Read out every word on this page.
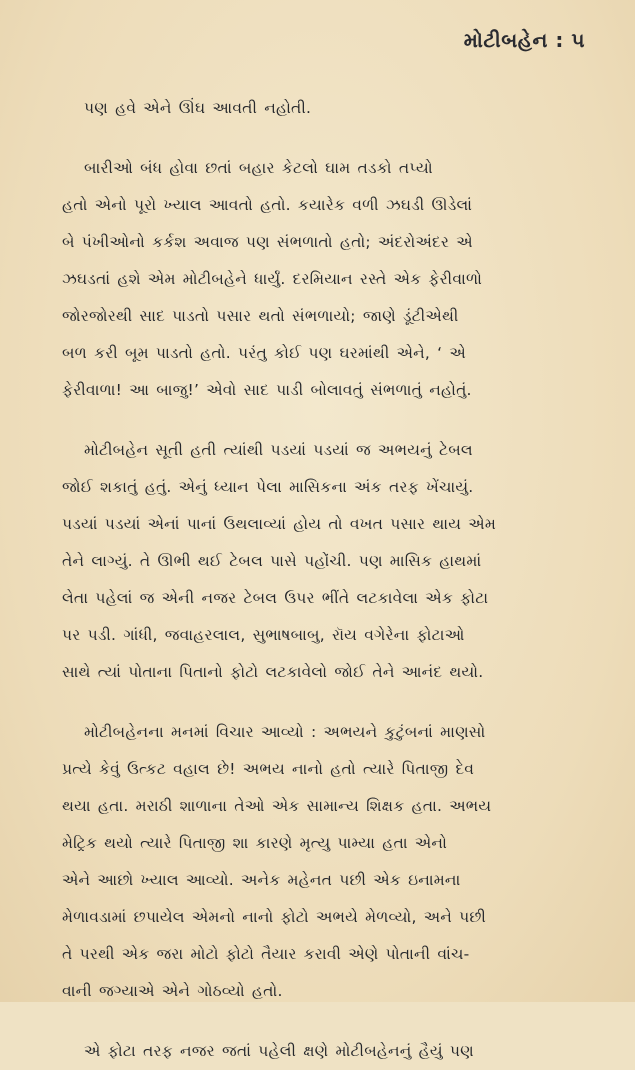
મોટીબહેન : ૫

પણ હવે એને ઊંઘ આવતી નહોતી.

બારીઓ બંધ હોવા છતાં બહાર કેટલો ઘામ તડકો તપ્યો
હતો એનો પૂરો ખ્યાલ આવતો હતો. કયારેક વળી ઝઘડી ઊડેલાં
બે પંખીઓનો કર્કશ અવાજ પણ સંભળાતો હતો; અંદરોઅંદર એ
ઝઘડતાં હશે એમ મોટીબહેને ધાર્યું. દરમિયાન રસ્તે એક ફેરીવાળો
જોરજોરથી સાદ પાડતો પસાર થતો સંભળાયો; જાણે ડૂંટીએથી
બળ કરી બૂમ પાડતો હતો. પરંતુ કોઈ પણ ઘરમાંથી એને, ‘ એ
ફેરીવાળા! આ બાજુ!’ એવો સાદ પાડી બોલાવતું સંભળાતું નહોતું.

મોટીબહેન સૂતી હતી ત્યાંથી પડયાં પડયાં જ અભયનું ટેબલ
જોઈ શકાતું હતું. એનું ધ્યાન પેલા માસિકના અંક તરફ ખેંચાયું.
પડયાં પડયાં એનાં પાનાં ઉથલાવ્યાં હોય તો વખત પસાર થાય એમ
તેને લાગ્યું. તે ઊભી થઈ ટેબલ પાસે પહોંચી. પણ માસિક હાથમાં
લેતા પહેલાં જ એની નજર ટેબલ ઉપર ભીંતે લટકાવેલા એક ફોટા
પર પડી. ગાંધી, જવાહરલાલ, સુભાષબાબુ, રૉય વગેરેના ફોટાઓ
સાથે ત્યાં પોતાના પિતાનો ફોટો લટકાવેલો જોઈ તેને આનંદ થયો.

મોટીબહેનના મનમાં વિચાર આવ્યો : અભયને કુટુંબનાં માણસો
પ્રત્યે કેવું ઉત્કટ વહાલ છે! અભય નાનો હતો ત્યારે પિતાજી દેવ
થયા હતા. મરાઠી શાળાના તેઓ એક સામાન્ય શિક્ષક હતા. અભય
મેટ્રિક થયો ત્યારે પિતાજી શા કારણે મૃત્યુ પામ્યા હતા એનો
એને આછો ખ્યાલ આવ્યો. અનેક મહેનત પછી એક ઇનામના
મેળાવડામાં છપાયેલ એમનો નાનો ફોટો અભયે મેળવ્યો, અને પછી
તે પરથી એક જરા મોટો ફોટો તૈયાર કરાવી એણે પોતાની વાંચ-
વાની જગ્યાએ એને ગોઠવ્યો હતો.

એ ફોટા તરફ નજર જતાં પહેલી ક્ષણે મોટીબહેનનું હૈયું પણ
